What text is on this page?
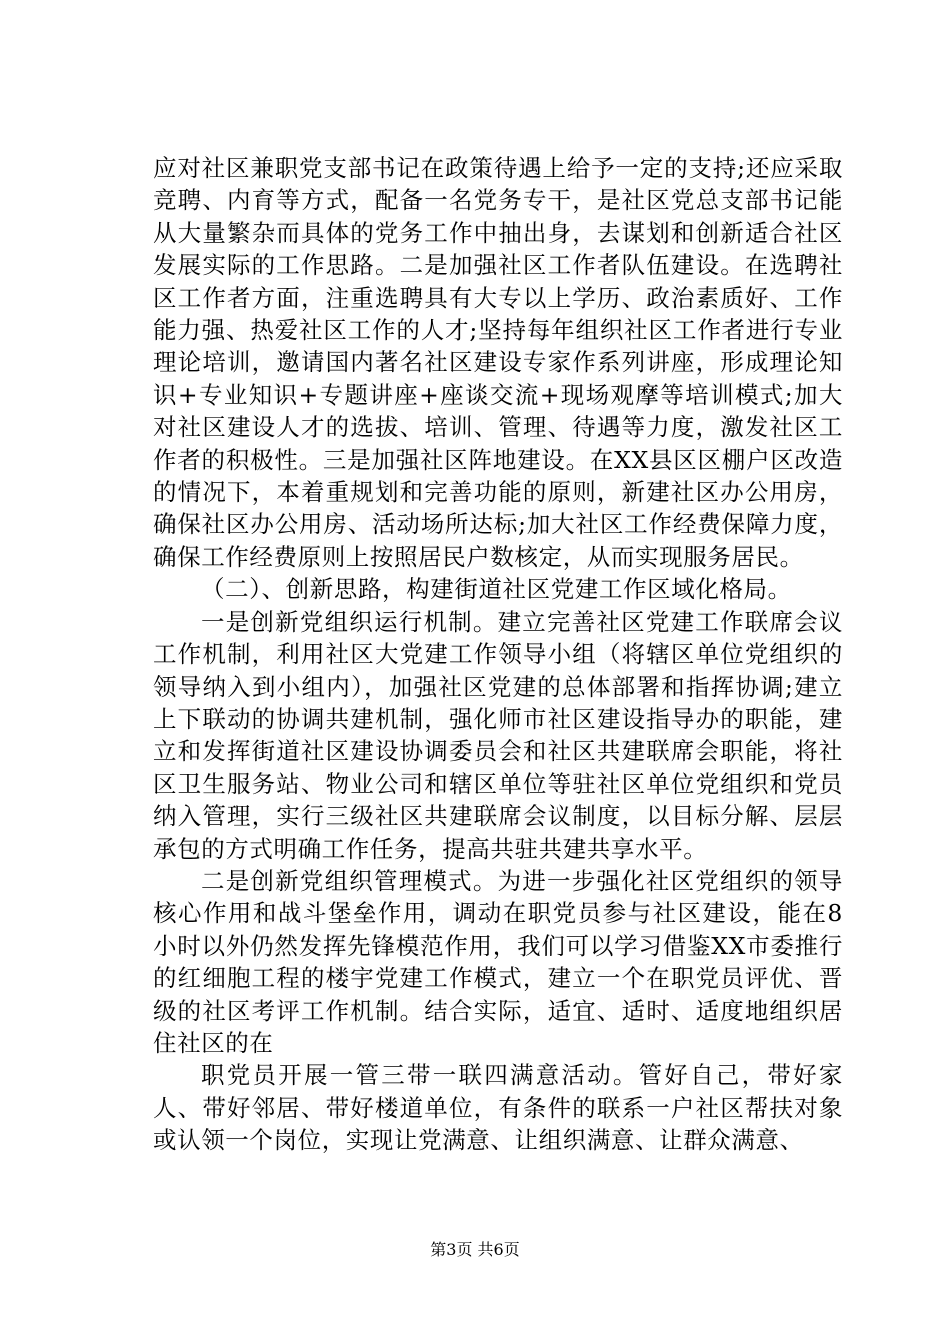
应对社区兼职党支部书记在政策待遇上给予一定的支持;还应采取竞聘、内育等方式，配备一名党务专干，是社区党总支部书记能从大量繁杂而具体的党务工作中抽出身，去谋划和创新适合社区发展实际的工作思路。二是加强社区工作者队伍建设。在选聘社区工作者方面，注重选聘具有大专以上学历、政治素质好、工作能力强、热爱社区工作的人才;坚持每年组织社区工作者进行专业理论培训，邀请国内著名社区建设专家作系列讲座，形成理论知识+专业知识+专题讲座+座谈交流+现场观摩等培训模式;加大对社区建设人才的选拔、培训、管理、待遇等力度，激发社区工作者的积极性。三是加强社区阵地建设。在XX县区区棚户区改造的情况下，本着重规划和完善功能的原则，新建社区办公用房，确保社区办公用房、活动场所达标;加大社区工作经费保障力度，确保工作经费原则上按照居民户数核定，从而实现服务居民。

（二）、创新思路，构建街道社区党建工作区域化格局。

一是创新党组织运行机制。建立完善社区党建工作联席会议工作机制，利用社区大党建工作领导小组（将辖区单位党组织的领导纳入到小组内），加强社区党建的总体部署和指挥协调;建立上下联动的协调共建机制，强化师市社区建设指导办的职能，建立和发挥街道社区建设协调委员会和社区共建联席会职能，将社区卫生服务站、物业公司和辖区单位等驻社区单位党组织和党员纳入管理，实行三级社区共建联席会议制度，以目标分解、层层承包的方式明确工作任务，提高共驻共建共享水平。

二是创新党组织管理模式。为进一步强化社区党组织的领导核心作用和战斗堡垒作用，调动在职党员参与社区建设，能在8小时以外仍然发挥先锋模范作用，我们可以学习借鉴XX市委推行的红细胞工程的楼宇党建工作模式，建立一个在职党员评优、晋级的社区考评工作机制。结合实际，适宜、适时、适度地组织居住社区的在

职党员开展一管三带一联四满意活动。管好自己，带好家人、带好邻居、带好楼道单位，有条件的联系一户社区帮扶对象或认领一个岗位，实现让党满意、让组织满意、让群众满意、

第3页 共6页
